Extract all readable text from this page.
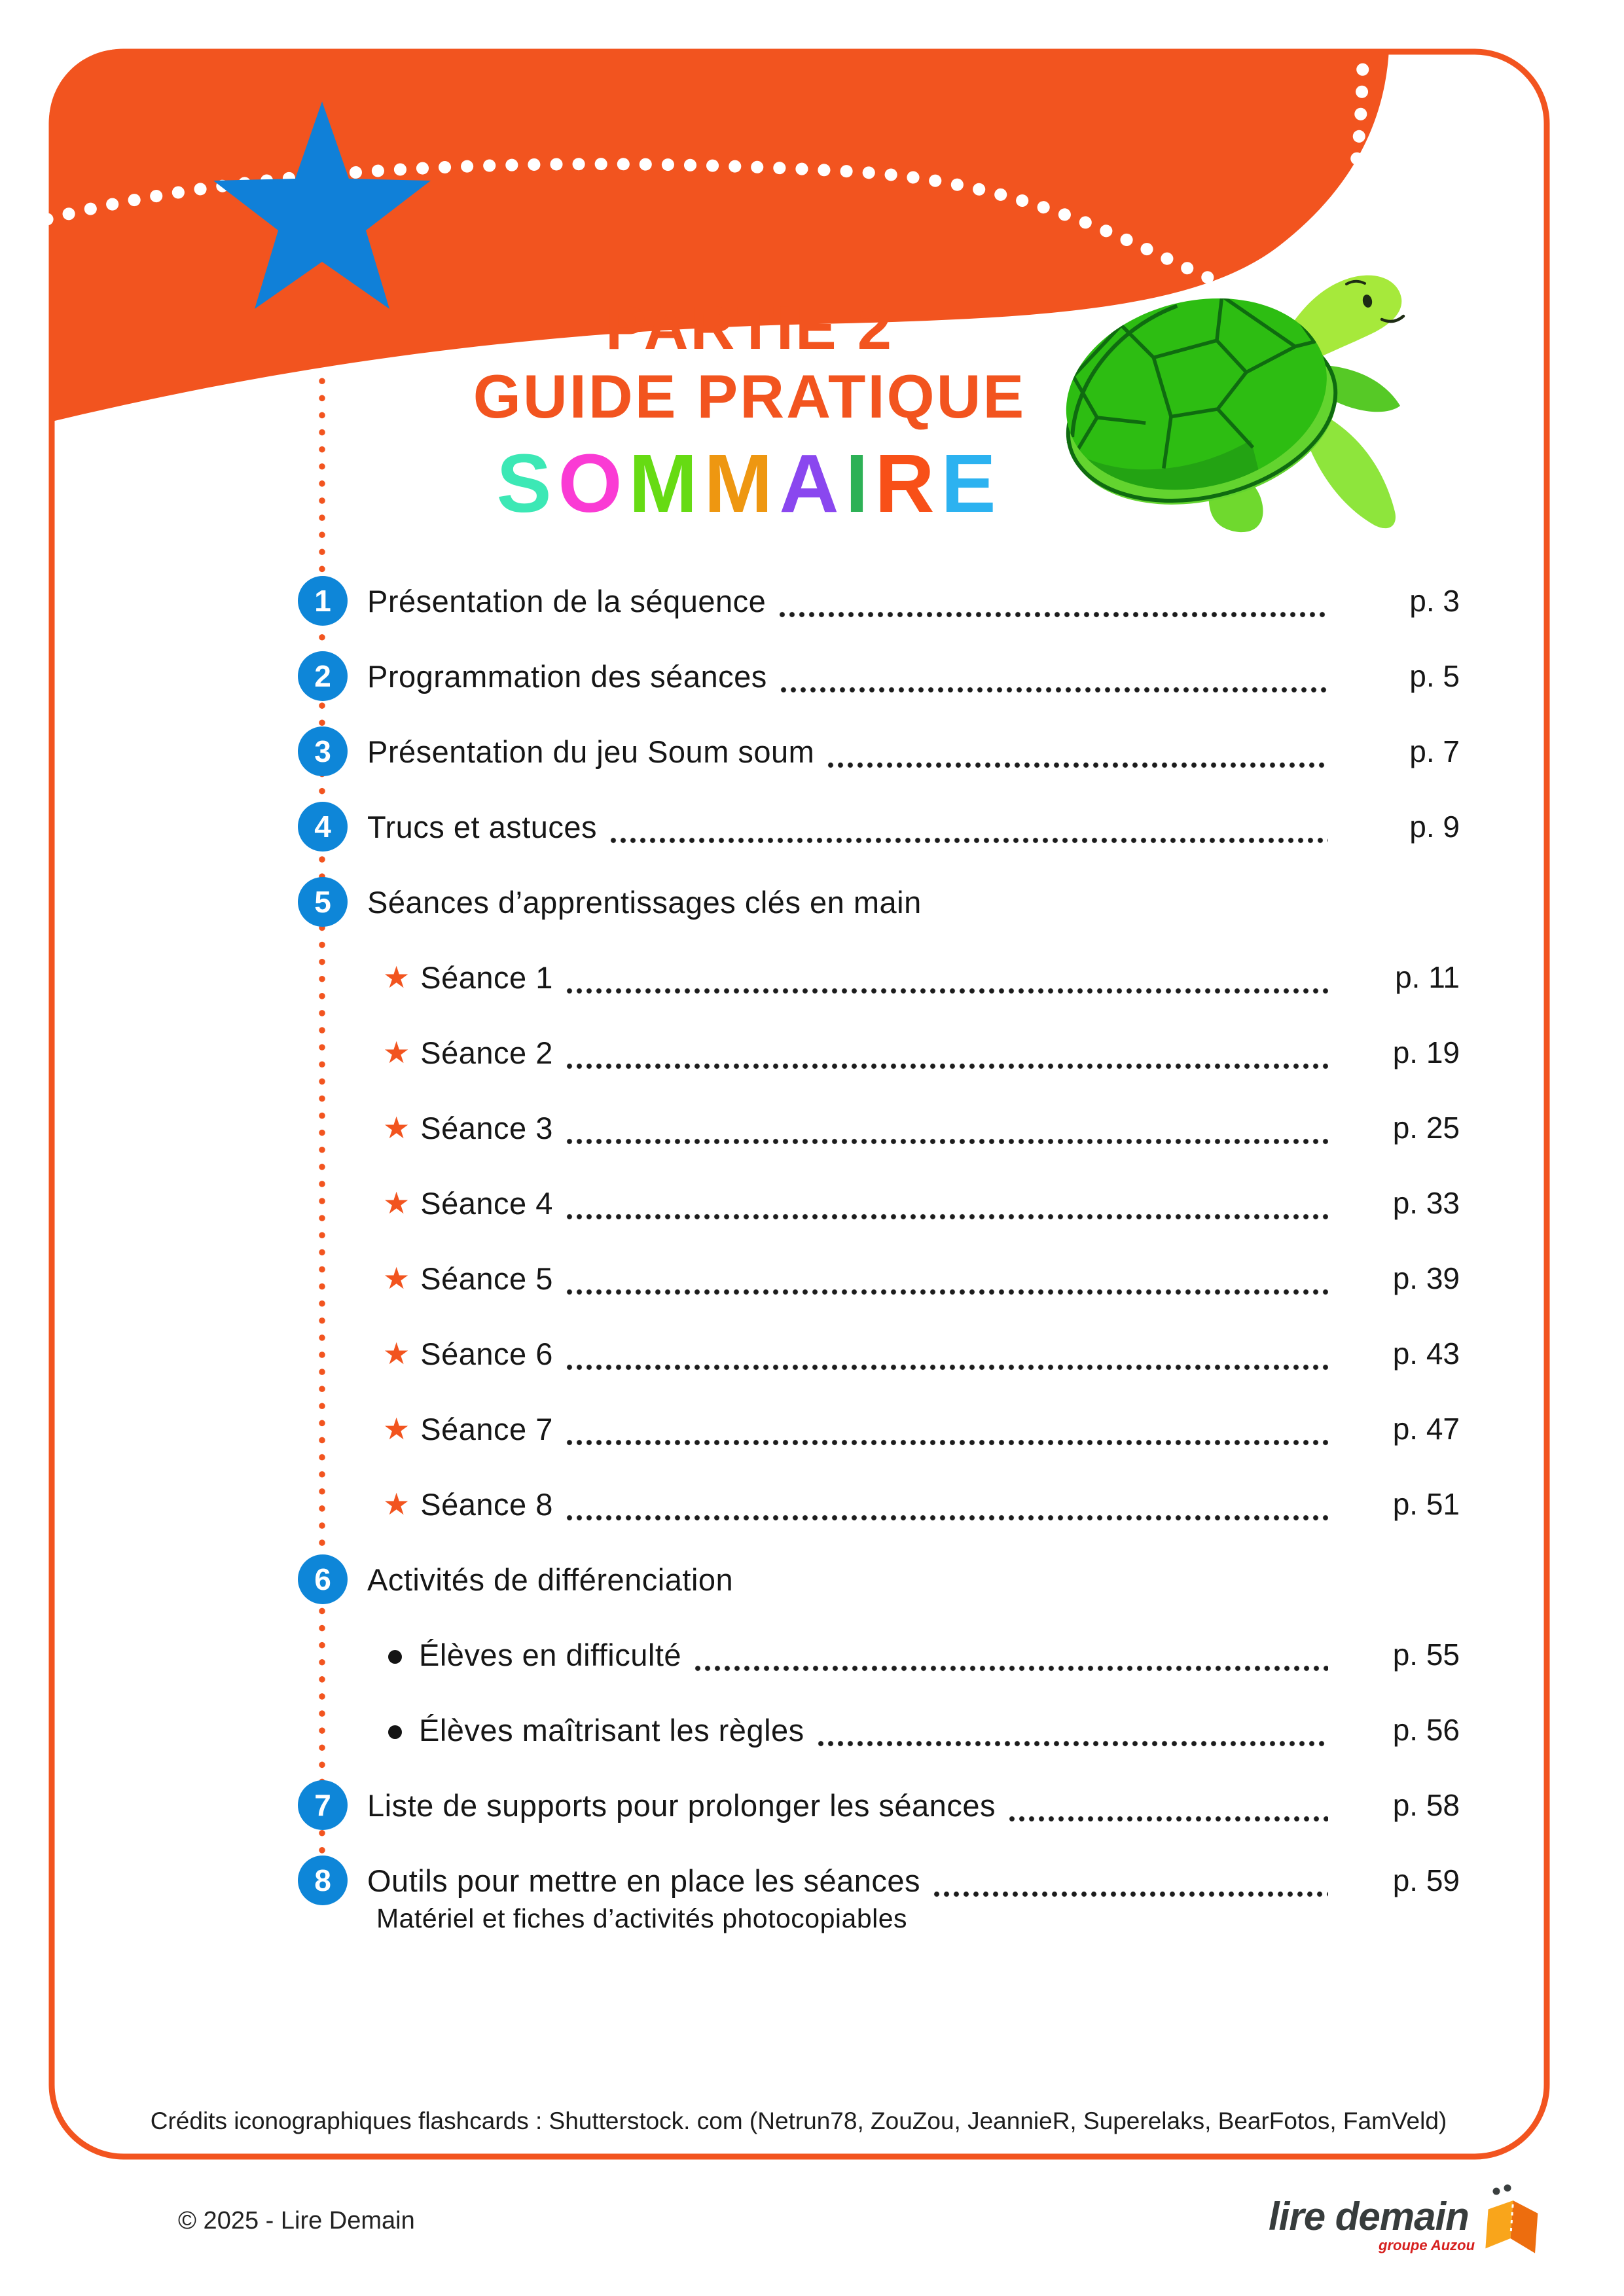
PARTIE 2
GUIDE PRATIQUE
SOMMAIRE
1	Présentation de la séquence	p. 3
2	Programmation des séances	p. 5
3	Présentation du jeu Soum soum	p. 7
4	Trucs et astuces	p. 9
5	Séances d’apprentissages clés en main
★ Séance 1	p. 11
★ Séance 2	p. 19
★ Séance 3	p. 25
★ Séance 4	p. 33
★ Séance 5	p. 39
★ Séance 6	p. 43
★ Séance 7	p. 47
★ Séance 8	p. 51
6	Activités de différenciation
Élèves en difficulté	p. 55
Élèves maîtrisant les règles	p. 56
7	Liste de supports pour prolonger les séances	p. 58
8	Outils pour mettre en place les séances	p. 59
Matériel et fiches d’activités photocopiables
Crédits iconographiques flashcards : Shutterstock. com (Netrun78, ZouZou, JeannieR, Superelaks, BearFotos, FamVeld)
© 2025 - Lire Demain	lire demain
groupe Auzou
